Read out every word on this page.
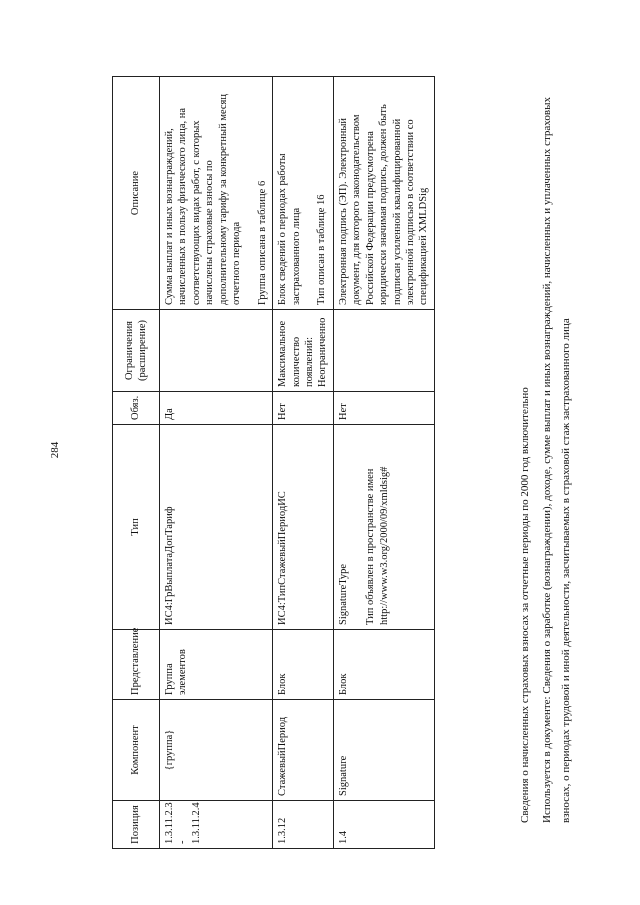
284
Позиция	Компонент	Представление	Тип	Обяз.	Ограничения (расширение)	Описание
1.3.11.2.3 - 1.3.11.2.4	{группа}	Группа элементов	ИС4:ГрВыплатаДопТариф	Да		Сумма выплат и иных вознаграждений, начисленных в пользу физического лица, на соответствующих видах работ, с которых начислены страховые взносы по дополнительному тарифу за конкретный месяц отчетного периода Группа описана в таблице 6

1.3.12	СтажевыйПериод	Блок	ИС4:ТипСтажевыйПериодИС	Нет	Максимальное количество появлений: Неограниченно	Блок сведений о периодах работы застрахованного лица Тип описан в таблице 16

1.4	Signature	Блок	SignatureType Тип объявлен в пространстве имен http://www.w3.org/2000/09/xmldsig#	Нет		Электронная подпись (ЭП). Электронный документ, для которого законодательством Российской Федерации предусмотрена юридически значимая подпись, должен быть подписан усиленной квалифицированной электронной подписью в соответствии со спецификацией XMLDSig
Сведения о начисленных страховых взносах за отчетные периоды по 2000 год включительно Используется в документе: Сведения о заработке (вознаграждении), доходе, сумме выплат и иных вознаграждений, начисленных и уплаченных страховых взносах, о периодах трудовой и иной деятельности, засчитываемых в страховой стаж застрахованного лица
